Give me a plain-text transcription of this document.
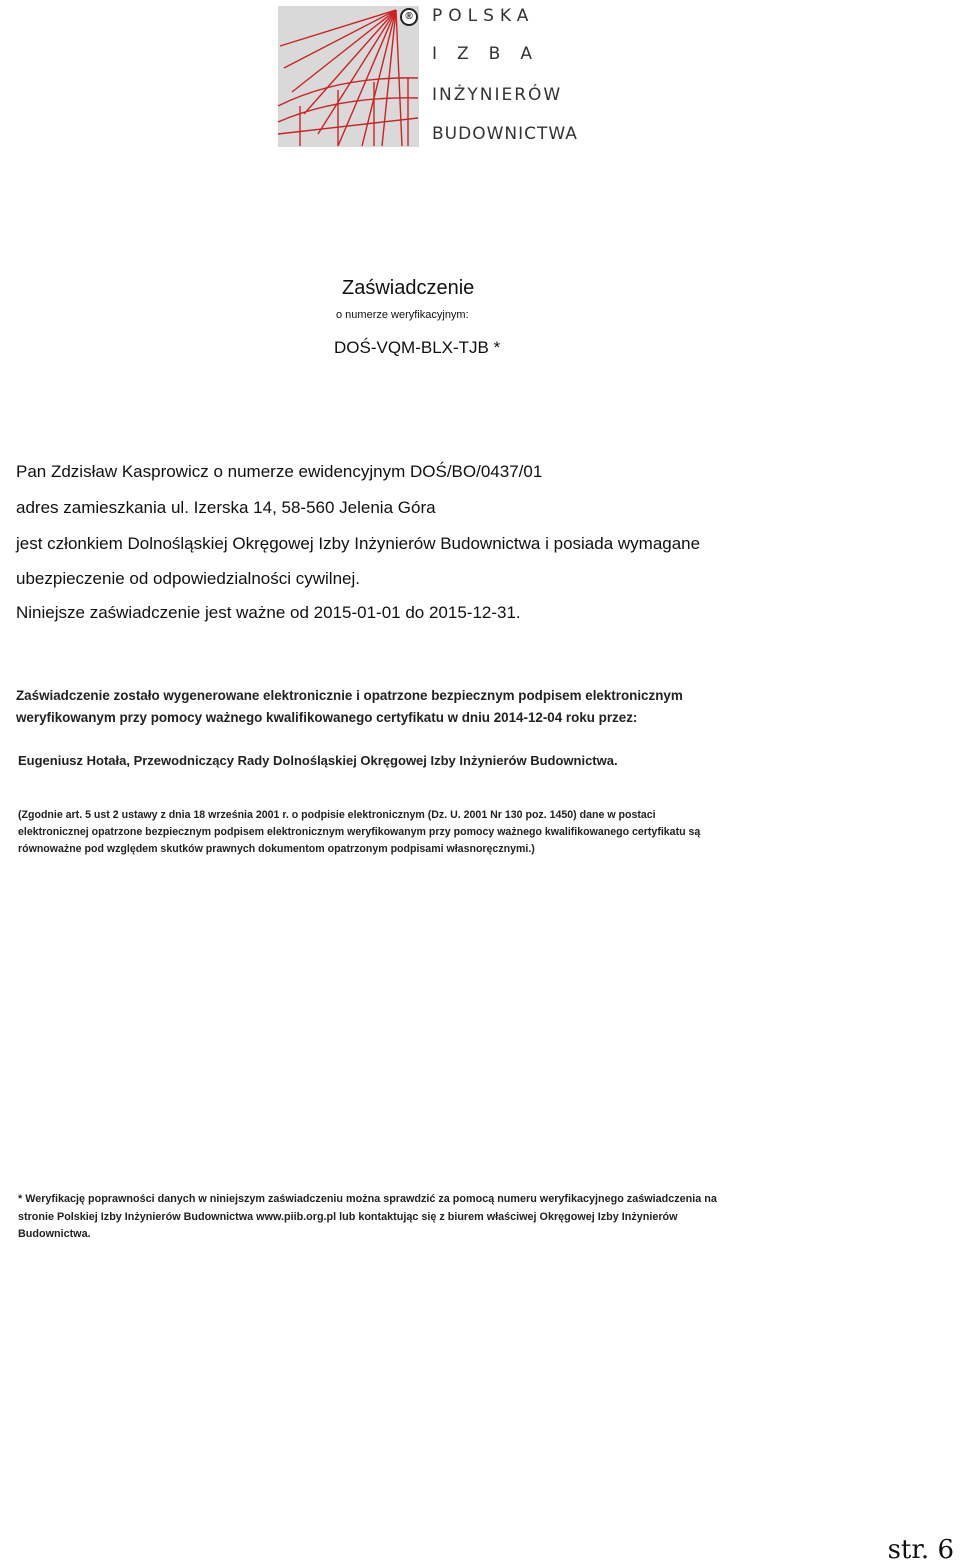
®	POLSKA
IZBA
INŻYNIERÓW
BUDOWNICTWA
Zaświadczenie
o numerze weryfikacyjnym:
DOŚ-VQM-BLX-TJB *
Pan Zdzisław Kasprowicz o numerze ewidencyjnym DOŚ/BO/0437/01
adres zamieszkania ul. Izerska 14, 58-560 Jelenia Góra
jest członkiem Dolnośląskiej Okręgowej Izby Inżynierów Budownictwa i posiada wymagane
ubezpieczenie od odpowiedzialności cywilnej.
Niniejsze zaświadczenie jest ważne od 2015-01-01 do 2015-12-31.
Zaświadczenie zostało wygenerowane elektronicznie i opatrzone bezpiecznym podpisem elektronicznym
weryfikowanym przy pomocy ważnego kwalifikowanego certyfikatu w dniu 2014-12-04 roku przez:
Eugeniusz Hotała, Przewodniczący Rady Dolnośląskiej Okręgowej Izby Inżynierów Budownictwa.
(Zgodnie art. 5 ust 2 ustawy z dnia 18 września 2001 r. o podpisie elektronicznym (Dz. U. 2001 Nr 130 poz. 1450) dane w postaci
elektronicznej opatrzone bezpiecznym podpisem elektronicznym weryfikowanym przy pomocy ważnego kwalifikowanego certyfikatu są
równoważne pod względem skutków prawnych dokumentom opatrzonym podpisami własnoręcznymi.)
* Weryfikację poprawności danych w niniejszym zaświadczeniu można sprawdzić za pomocą numeru weryfikacyjnego zaświadczenia na
stronie Polskiej Izby Inżynierów Budownictwa www.piib.org.pl lub kontaktując się z biurem właściwej Okręgowej Izby Inżynierów
Budownictwa.
str. 6
